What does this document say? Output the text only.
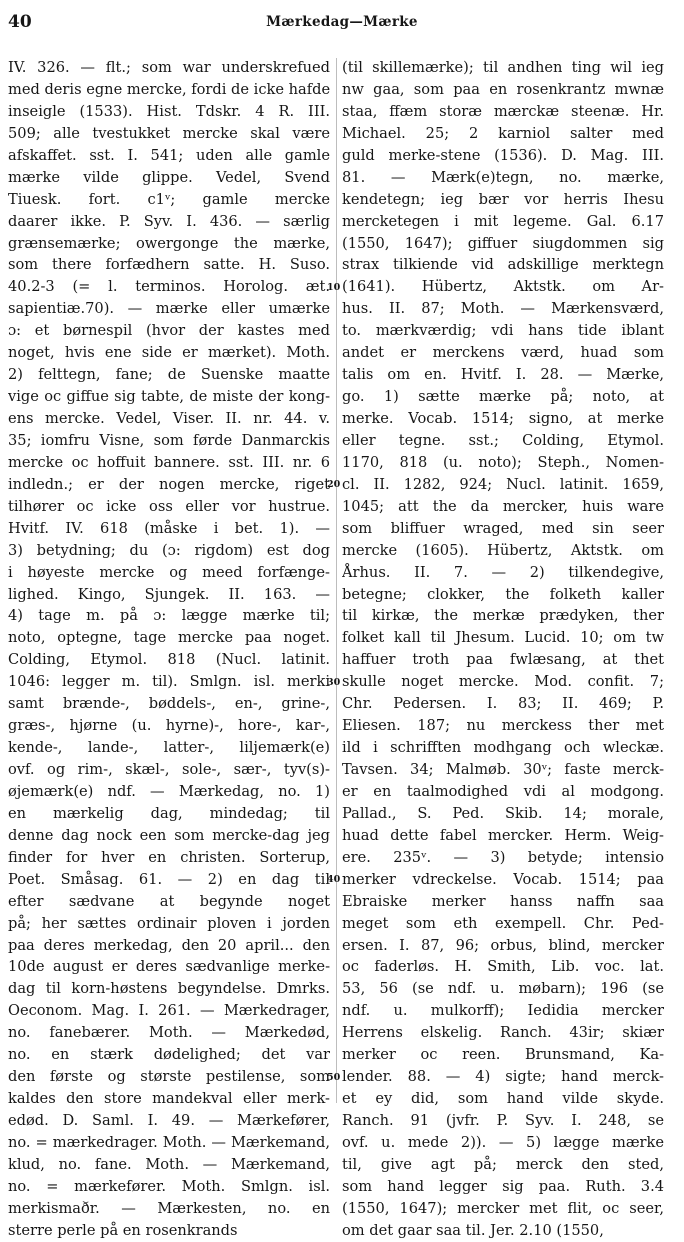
40	Mærkedag—Mærke
IV. 326. — flt.; som war underskrefued
med deris egne mercke, fordi de icke hafde
inseigle (1533). Hist. Tdskr. 4 R. III.
509; alle tvestukket mercke skal være
afskaffet. sst. I. 541; uden alle gamle
mærke vilde glippe. Vedel, Svend
Tiuesk. fort. c1ᵛ; gamle mercke
daarer ikke. P. Syv. I. 436. — særlig
grænsemærke; owergonge the mærke,
som there forfædhern satte. H. Suso.
40.2-3 (= l. terminos. Horolog. æt.
sapientiæ.70). — mærke eller umærke
ɔ: et børnespil (hvor der kastes med
noget, hvis ene side er mærket). Moth.
2) felttegn, fane; de Suenske maatte
vige oc giffue sig tabte, de miste der kong-
ens mercke. Vedel, Viser. II. nr. 44. v.
35; iomfru Visne, som førde Danmarckis
mercke oc hoffuit bannere. sst. III. nr. 6
indledn.; er der nogen mercke, riget
tilhører oc icke oss eller vor hustrue.
Hvitf. IV. 618 (måske i bet. 1). —
3) betydning; du (ɔ: rigdom) est dog
i høyeste mercke og meed forfænge-
lighed. Kingo, Sjungek. II. 163. —
4) tage m. på ɔ: lægge mærke til;
noto, optegne, tage mercke paa noget.
Colding, Etymol. 818 (Nucl. latinit.
1046: legger m. til). Smlgn. isl. merki
samt brænde-, bøddels-, en-, grine-,
græs-, hjørne (u. hyrne)-, hore-, kar-,
kende-, lande-, latter-, liljemærk(e)
ovf. og rim-, skæl-, sole-, sær-, tyv(s)-
øjemærk(e) ndf. — Mærkedag, no. 1)
en mærkelig dag, mindedag; til
denne dag nock een som mercke-dag jeg
finder for hver en christen. Sorterup,
Poet. Småsag. 61. — 2) en dag til
efter sædvane at begynde noget
på; her sættes ordinair ploven i jorden
paa deres merkedag, den 20 april... den
10de august er deres sædvanlige merke-
dag til korn-høstens begyndelse. Dmrks.
Oeconom. Mag. I. 261. — Mærkedrager,
no. fanebærer. Moth. — Mærkedød,
no. en stærk dødelighed; det var
den første og største pestilense, som
kaldes den store mandekval eller merk-
edød. D. Saml. I. 49. — Mærkefører,
no. = mærkedrager. Moth. — Mærkemand,
klud, no. fane. Moth. — Mærkemand,
no. = mærkefører. Moth. Smlgn. isl.
merkismaðr. — Mærkesten, no. en
sterre perle på en rosenkrands
10
20
30
40
50
(til skillemærke); til andhen ting wil ieg
nw gaa, som paa en rosenkrantz mwnæ
staa, ffæm storæ mærckæ steenæ. Hr.
Michael. 25; 2 karniol salter med
guld merke-stene (1536). D. Mag. III.
81. — Mærk(e)tegn, no. mærke,
kendetegn; ieg bær vor herris Ihesu
mercketegen i mit legeme. Gal. 6.17
(1550, 1647); giffuer siugdommen sig
strax tilkiende vid adskillige merktegn
(1641). Hübertz, Aktstk. om Ar-
hus. II. 87; Moth. — Mærkensværd,
to. mærkværdig; vdi hans tide iblant
andet er merckens værd, huad som
talis om en. Hvitf. I. 28. — Mærke,
go. 1) sætte mærke på; noto, at
merke. Vocab. 1514; signo, at merke
eller tegne. sst.; Colding, Etymol.
1170, 818 (u. noto); Steph., Nomen-
cl. II. 1282, 924; Nucl. latinit. 1659,
1045; att the da mercker, huis ware
som bliffuer wraged, med sin seer
mercke (1605). Hübertz, Aktstk. om
Århus. II. 7. — 2) tilkendegive,
betegne; clokker, the folketh kaller
til kirkæ, the merkæ prædyken, ther
folket kall til Jhesum. Lucid. 10; om tw
haffuer troth paa fwlæsang, at thet
skulle noget mercke. Mod. confit. 7;
Chr. Pedersen. I. 83; II. 469; P.
Eliesen. 187; nu merckess ther met
ild i schrifften modhgang och wleckæ.
Tavsen. 34; Malmøb. 30ᵛ; faste merck-
er en taalmodighed vdi al modgong.
Pallad., S. Ped. Skib. 14; morale,
huad dette fabel mercker. Herm. Weig-
ere. 235ᵛ. — 3) betyde; intensio
merker vdreckelse. Vocab. 1514; paa
Ebraiske merker hanss naffn saa
meget som eth exempell. Chr. Ped-
ersen. I. 87, 96; orbus, blind, mercker
oc faderløs. H. Smith, Lib. voc. lat.
53, 56 (se ndf. u. møbarn); 196 (se
ndf. u. mulkorff); Iedidia mercker
Herrens elskelig. Ranch. 43ir; skiær
merker oc reen. Brunsmand, Ka-
lender. 88. — 4) sigte; hand merck-
et ey did, som hand vilde skyde.
Ranch. 91 (jvfr. P. Syv. I. 248, se
ovf. u. mede 2)). — 5) lægge mærke
til, give agt på; merck den sted,
som hand legger sig paa. Ruth. 3.4
(1550, 1647); mercker met flit, oc seer,
om det gaar saa til. Jer. 2.10 (1550,
